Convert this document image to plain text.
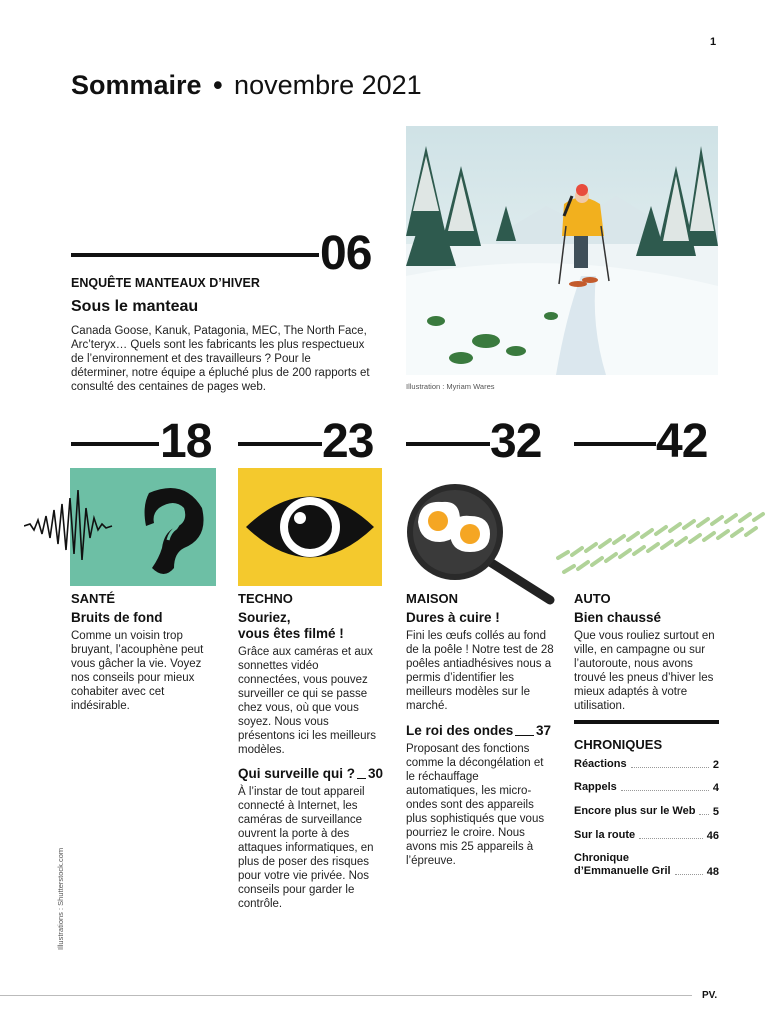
1
Sommaire • novembre 2021
06
ENQUÊTE MANTEAUX D’HIVER
Sous le manteau
Canada Goose, Kanuk, Patagonia, MEC, The North Face, Arc’teryx… Quels sont les fabricants les plus respectueux de l’environnement et des travailleurs ? Pour le déterminer, notre équipe a épluché plus de 200 rapports et consulté des centaines de pages web.	Illustration : Myriam Wares
18 23 32 42
SANTÉ
Bruits de fond
Comme un voisin trop bruyant, l’acouphène peut vous gâcher la vie. Voyez nos conseils pour mieux cohabiter avec cet indésirable.
TECHNO
Souriez,
vous êtes filmé !
Grâce aux caméras et aux sonnettes vidéo connectées, vous pouvez surveiller ce qui se passe chez vous, où que vous soyez. Nous vous présentons ici les meilleurs modèles.
Qui surveille qui ? 30
À l’instar de tout appareil connecté à Internet, les caméras de surveillance ouvrent la porte à des attaques informatiques, en plus de poser des risques pour votre vie privée. Nos conseils pour garder le contrôle.
MAISON
Dures à cuire !
Fini les œufs collés au fond de la poêle ! Notre test de 28 poêles antiadhésives nous a permis d’identifier les meilleurs modèles sur le marché.
Le roi des ondes 37
Proposant des fonctions comme la décongélation et le réchauffage automatiques, les micro-ondes sont des appareils plus sophistiqués que vous pourriez le croire. Nous avons mis 25 appareils à l’épreuve.
AUTO
Bien chaussé
Que vous rouliez surtout en ville, en campagne ou sur l’autoroute, nous avons trouvé les pneus d’hiver les mieux adaptés à votre utilisation.
CHRONIQUES
Réactions	2
Rappels	4
Encore plus sur le Web 5
Sur la route	46
Chronique
d’Emmanuelle Gril	48
Illustrations : Shutterstock.com
PV.
